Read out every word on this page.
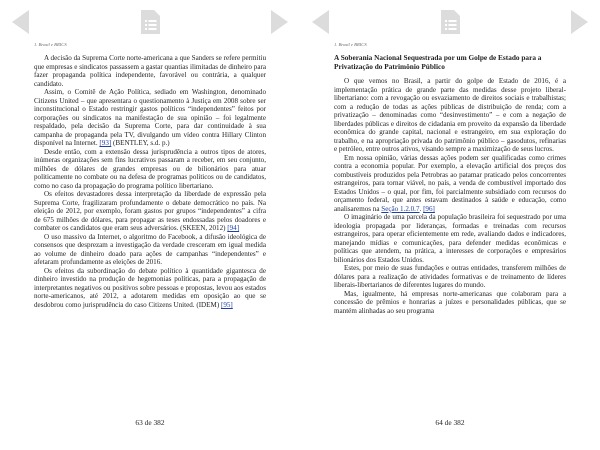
1. Brasil e BRICS

A decisão da Suprema Corte norte-americana a que Sanders se refere permitiu que empresas e sindicatos passassem a gastar quantias ilimitadas de dinheiro para fazer propaganda política independente, favorável ou contrária, a qualquer candidato.

Assim, o Comitê de Ação Política, sediado em Washington, denominado Citizens United – que apresentara o questionamento à Justiça em 2008 sobre ser inconstitucional o Estado restringir gastos políticos “independentes” feitos por corporações ou sindicatos na manifestação de sua opinião – foi legalmente respaldado, pela decisão da Suprema Corte, para dar continuidade à sua campanha de propaganda pela TV, divulgando um vídeo contra Hillary Clinton disponível na Internet. [93] (BENTLEY, s.d. p.)

Desde então, com a extensão dessa jurisprudência a outros tipos de atores, inúmeras organizações sem fins lucrativos passaram a receber, em seu conjunto, milhões de dólares de grandes empresas ou de bilionários para atuar politicamente no combate ou na defesa de programas políticos ou de candidatos, como no caso da propagação do programa político libertariano.

Os efeitos devastadores dessa interpretação da liberdade de expressão pela Suprema Corte, fragilizaram profundamente o debate democrático no país. Na eleição de 2012, por exemplo, foram gastos por grupos “independentes” a cifra de 675 milhões de dólares, para propagar as teses endossadas pelos doadores e combater os candidatos que eram seus adversários. (SKEEN, 2012) [94]

O uso massivo da Internet, o algoritmo do Facebook, a difusão ideológica de consensos que desprezam a investigação da verdade cresceram em igual medida ao volume de dinheiro doado para ações de campanhas “independentes” e afetaram profundamente as eleições de 2016.

Os efeitos da subordinação do debate político à quantidade gigantesca de dinheiro investido na produção de hegemonias políticas, para a propagação de interpretantes negativos ou positivos sobre pessoas e propostas, levou aos estados norte-americanos, até 2012, a adotarem medidas em oposição ao que se desdobrou como jurisprudência do caso Citizens United. (IDEM) [95]

63 de 382
1. Brasil e BRICS

A Soberania Nacional Sequestrada por um Golpe de Estado para a Privatização do Patrimônio Público

O que vemos no Brasil, a partir do golpe de Estado de 2016, é a implementação prática de grande parte das medidas desse projeto liberal-libertariano: com a revogação ou esvaziamento de direitos sociais e trabalhistas; com a redução de todas as ações públicas de distribuição de renda; com a privatização – denominadas como “desinvestimento” – e com a negação de liberdades públicas e direitos de cidadania em proveito da expansão da liberdade econômica do grande capital, nacional e estrangeiro, em sua exploração do trabalho, e na apropriação privada do patrimônio público – gasodutos, refinarias e petróleo, entre outros ativos, visando sempre a maximização de seus lucros.

Em nossa opinião, várias dessas ações podem ser qualificadas como crimes contra a economia popular. Por exemplo, a elevação artificial dos preços dos combustíveis produzidos pela Petrobras ao patamar praticado pelos concorrentes estrangeiros, para tornar viável, no país, a venda de combustível importado dos Estados Unidos – o qual, por fim, foi parcialmente subsidiado com recursos do orçamento federal, que antes estavam destinados à saúde e educação, como analisaremos na Seção 1.2.0.7. [96]

O imaginário de uma parcela da população brasileira foi sequestrado por uma ideologia propagada por lideranças, formadas e treinadas com recursos estrangeiros, para operar eficientemente em rede, avaliando dados e indicadores, manejando mídias e comunicações, para defender medidas econômicas e políticas que atendem, na prática, a interesses de corporações e empresários bilionários dos Estados Unidos.

Estes, por meio de suas fundações e outras entidades, transferem milhões de dólares para a realização de atividades formativas e de treinamento de líderes liberais-libertarianos de diferentes lugares do mundo.

Mas, igualmente, há empresas norte-americanas que colaboram para a concessão de prêmios e honrarias a juízes e personalidades públicas, que se mantém alinhadas ao seu programa

64 de 382
